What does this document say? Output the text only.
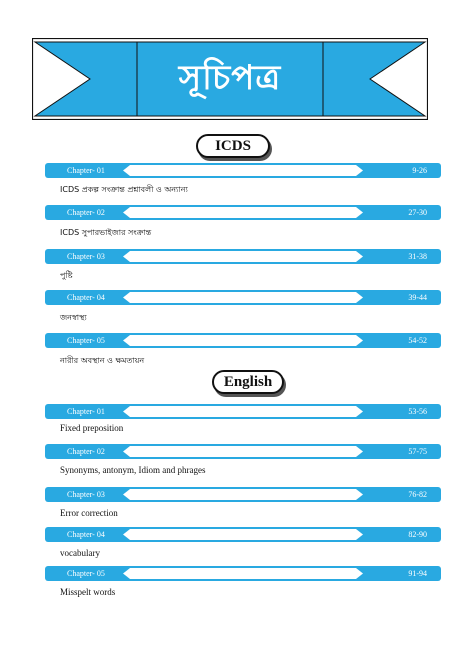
সূচিপত্র
ICDS
Chapter- 01	9-26
ICDS প্রকল্প সংক্রান্ত প্রশ্নাবলী ও অন্যান্য
Chapter- 02	27-30
ICDS সুপারভাইজার সংক্রান্ত
Chapter- 03	31-38
পুষ্টি
Chapter- 04	39-44
জনস্বাস্থ্য
Chapter- 05	54-52
নারীর অবস্থান ও ক্ষমতায়ন
English
Chapter- 01	53-56
Fixed preposition
Chapter- 02	57-75
Synonyms, antonym, Idiom and phrages
Chapter- 03	76-82
Error correction
Chapter- 04	82-90
vocabulary
Chapter- 05	91-94
Misspelt words
